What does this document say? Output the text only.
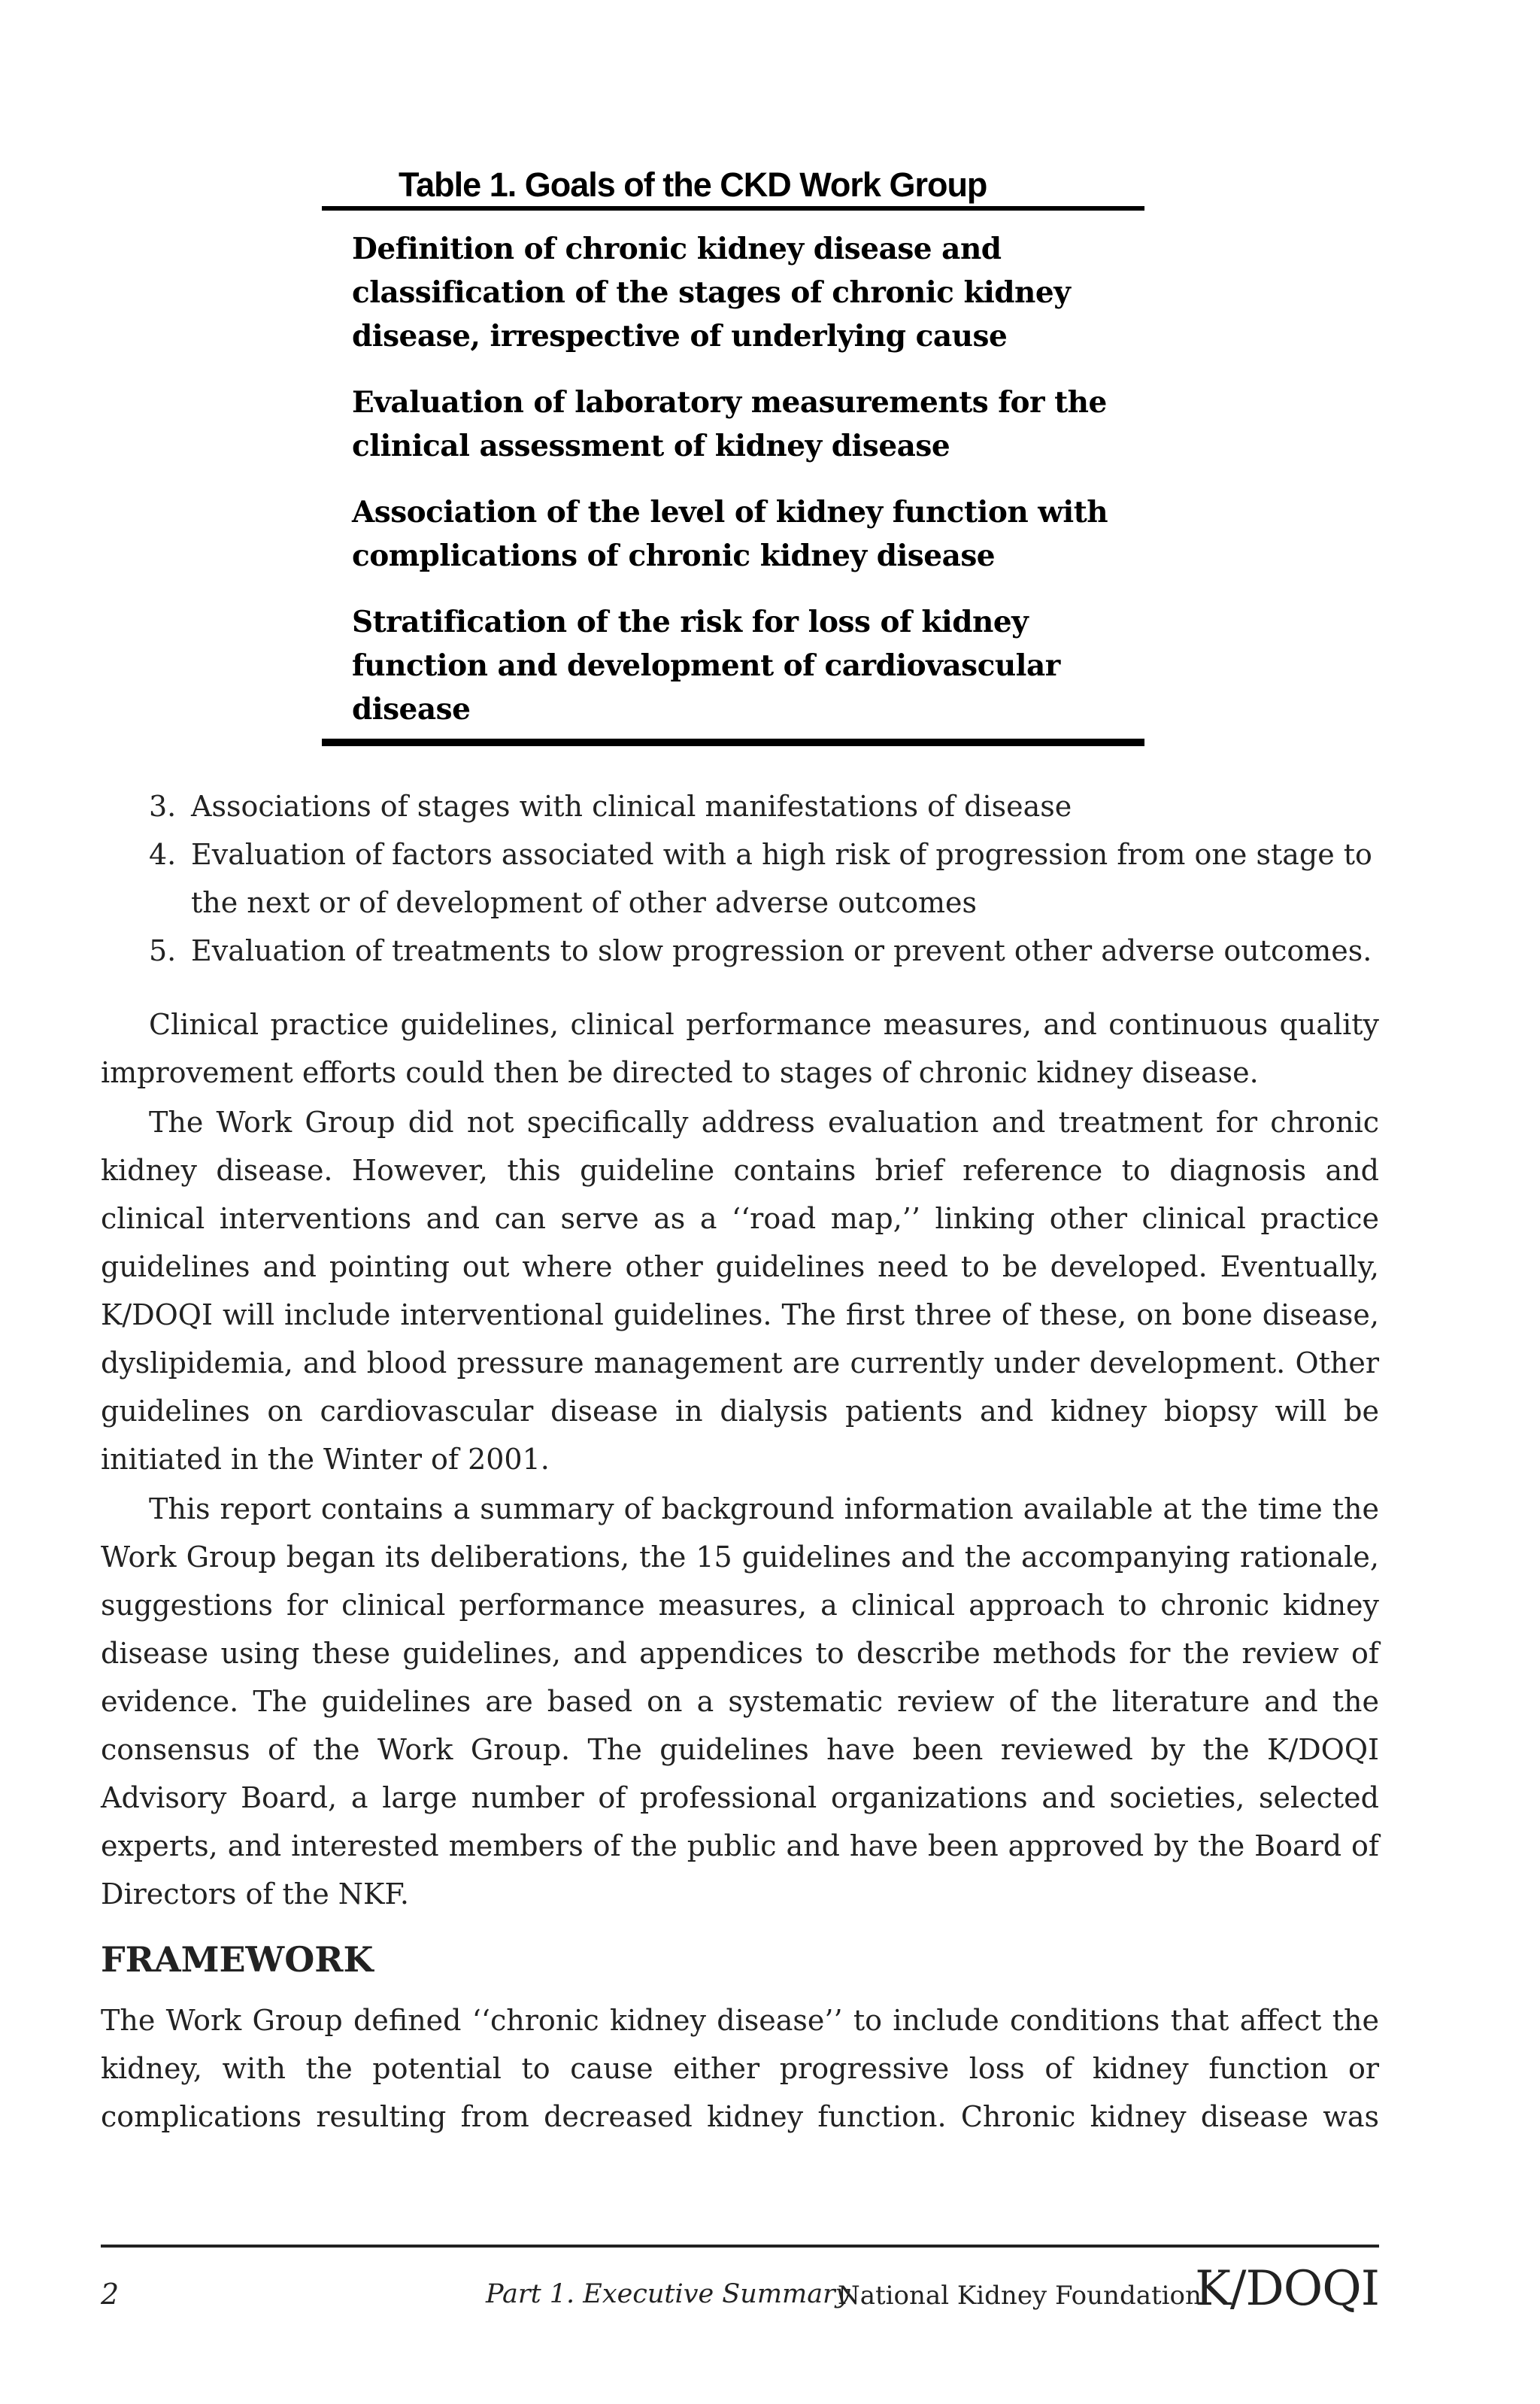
Table 1. Goals of the CKD Work Group
Definition of chronic kidney disease and classification of the stages of chronic kidney disease, irrespective of underlying cause
Evaluation of laboratory measurements for the clinical assessment of kidney disease
Association of the level of kidney function with complications of chronic kidney disease
Stratification of the risk for loss of kidney function and development of cardiovascular disease
3. Associations of stages with clinical manifestations of disease
4. Evaluation of factors associated with a high risk of progression from one stage to the next or of development of other adverse outcomes
5. Evaluation of treatments to slow progression or prevent other adverse outcomes.

Clinical practice guidelines, clinical performance measures, and continuous quality improvement efforts could then be directed to stages of chronic kidney disease.

The Work Group did not specifically address evaluation and treatment for chronic kidney disease. However, this guideline contains brief reference to diagnosis and clinical interventions and can serve as a ‘‘road map,’’ linking other clinical practice guidelines and pointing out where other guidelines need to be developed. Eventually, K/DOQI will include interventional guidelines. The first three of these, on bone disease, dyslipidemia, and blood pressure management are currently under development. Other guidelines on cardiovascular disease in dialysis patients and kidney biopsy will be initiated in the Winter of 2001.

This report contains a summary of background information available at the time the Work Group began its deliberations, the 15 guidelines and the accompanying rationale, suggestions for clinical performance measures, a clinical approach to chronic kidney disease using these guidelines, and appendices to describe methods for the review of evidence. The guidelines are based on a systematic review of the literature and the consensus of the Work Group. The guidelines have been reviewed by the K/DOQI Advisory Board, a large number of professional organizations and societies, selected experts, and interested members of the public and have been approved by the Board of Directors of the NKF.

FRAMEWORK
The Work Group defined ‘‘chronic kidney disease’’ to include conditions that affect the kidney, with the potential to cause either progressive loss of kidney function or complications resulting from decreased kidney function. Chronic kidney disease was
2	Part 1. Executive Summary
National Kidney Foundation
K/DOQI
